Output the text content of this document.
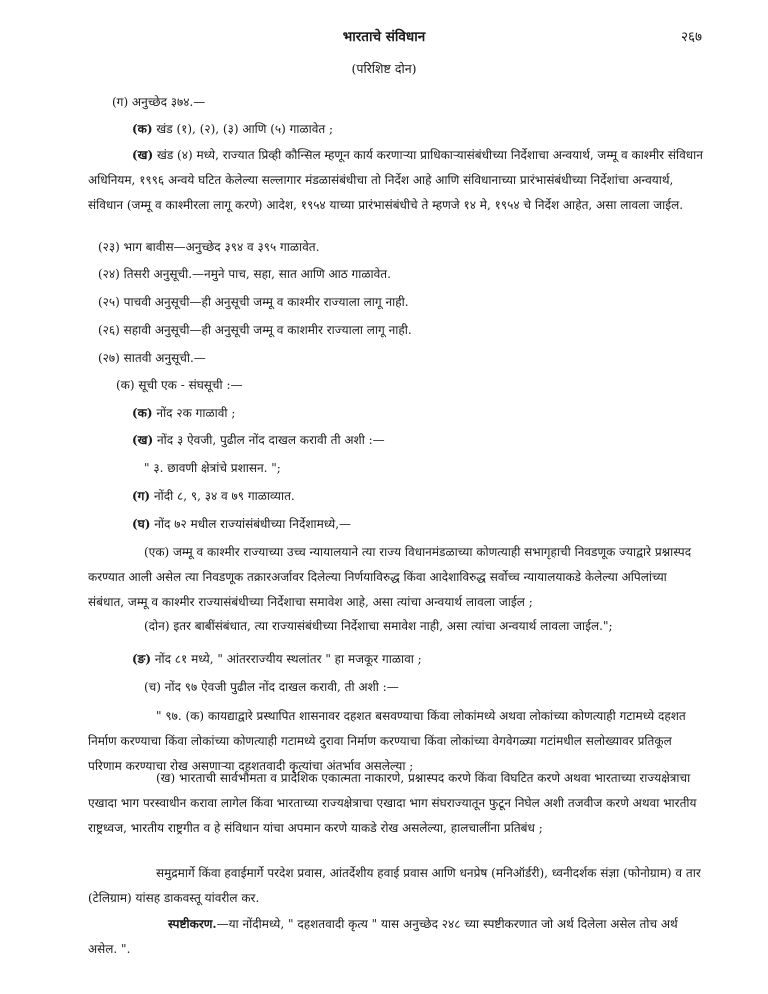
भारताचे संविधान	२६७
(परिशिष्ट दोन)
(ग) अनुच्छेद ३७४.—
(क) खंड (१), (२), (३) आणि (५) गाळावेत ;
(ख) खंड (४) मध्ये, राज्यात प्रिव्ही कौन्सिल म्हणून कार्य करणाऱ्या प्राधिकाऱ्यासंबंधीच्या निर्देशाचा अन्वयार्थ, जम्मू व काश्मीर संविधान अधिनियम, १९९६ अन्वये घटित केलेल्या सल्लागार मंडळासंबंधीचा तो निर्देश आहे आणि संविधानाच्या प्रारंभासंबंधीच्या निर्देशांचा अन्वयार्थ, संविधान (जम्मू व काश्मीरला लागू करणे) आदेश, १९५४ याच्या प्रारंभासंबंधीचे ते म्हणजे १४ मे, १९५४ चे निर्देश आहेत, असा लावला जाईल.
(२३) भाग बावीस—अनुच्छेद ३९४ व ३९५ गाळावेत.
(२४) तिसरी अनुसूची.—नमुने पाच, सहा, सात आणि आठ गाळावेत.
(२५) पाचवी अनुसूची—ही अनुसूची जम्मू व काश्मीर राज्याला लागू नाही.
(२६) सहावी अनुसूची—ही अनुसूची जम्मू व काशमीर राज्याला लागू नाही.
(२७) सातवी अनुसूची.—
(क) सूची एक - संघसूची :—
(क) नोंद २क गाळावी ;
(ख) नोंद ३ ऐवजी, पुढील नोंद दाखल करावी ती अशी :—
" ३. छावणी क्षेत्रांचे प्रशासन. ";
(ग) नोंदी ८, ९, ३४ व ७९ गाळाव्यात.
(घ) नोंद ७२ मधील राज्यांसंबंधीच्या निर्देशामध्ये,—
(एक) जम्मू व काश्मीर राज्याच्या उच्च न्यायालयाने त्या राज्य विधानमंडळाच्या कोणत्याही सभागृहाची निवडणूक ज्याद्वारे प्रश्नास्पद करण्यात आली असेल त्या निवडणूक तक्रारअर्जावर दिलेल्या निर्णयाविरुद्ध किंवा आदेशाविरुद्ध सर्वोच्च न्यायालयाकडे केलेल्या अपिलांच्या संबंधात, जम्मू व काश्मीर राज्यासंबंधीच्या निर्देशाचा समावेश आहे, असा त्यांचा अन्वयार्थ लावला जाईल ;
(दोन) इतर बाबींसंबंधात, त्या राज्यासंबंधीच्या निर्देशाचा समावेश नाही, असा त्यांचा अन्वयार्थ लावला जाईल.";
(ङ) नोंद ८१ मध्ये, " आंतरराज्यीय स्थलांतर " हा मजकूर गाळावा ;
(च) नोंद ९७ ऐवजी पुढील नोंद दाखल करावी, ती अशी :—
" ९७. (क) कायद्याद्वारे प्रस्थापित शासनावर दहशत बसवण्याचा किंवा लोकांमध्ये अथवा लोकांच्या कोणत्याही गटामध्ये दहशत निर्माण करण्याचा किंवा लोकांच्या कोणत्याही गटामध्ये दुरावा निर्माण करण्याचा किंवा लोकांच्या वेगवेगळ्या गटांमधील सलोख्यावर प्रतिकूल परिणाम करण्याचा रोख असणाऱ्या दहशतवादी कृत्यांचा अंतर्भाव असलेल्या ;
(ख) भारताची सार्वभौमता व प्रादेशिक एकात्मता नाकारणे, प्रश्नास्पद करणे किंवा विघटित करणे अथवा भारताच्या राज्यक्षेत्राचा एखादा भाग परस्वाधीन करावा लागेल किंवा भारताच्या राज्यक्षेत्राचा एखादा भाग संघराज्यातून फुटून निघेल अशी तजवीज करणे अथवा भारतीय राष्ट्रध्वज, भारतीय राष्ट्रगीत व हे संविधान यांचा अपमान करणे याकडे रोख असलेल्या, हालचालींना प्रतिबंध ;
समुद्रमार्गे किंवा हवाईमार्गे परदेश प्रवास, आंतर्देशीय हवाई प्रवास आणि धनप्रेष (मनिऑर्डरी), ध्वनीदर्शक संज्ञा (फोनोग्राम) व तार (टेलिग्राम) यांसह डाकवस्तू यांवरील कर.
स्पष्टीकरण.—या नोंदीमध्ये, " दहशतवादी कृत्य " यास अनुच्छेद २४८ च्या स्पष्टीकरणात जो अर्थ दिलेला असेल तोच अर्थ असेल. ".
